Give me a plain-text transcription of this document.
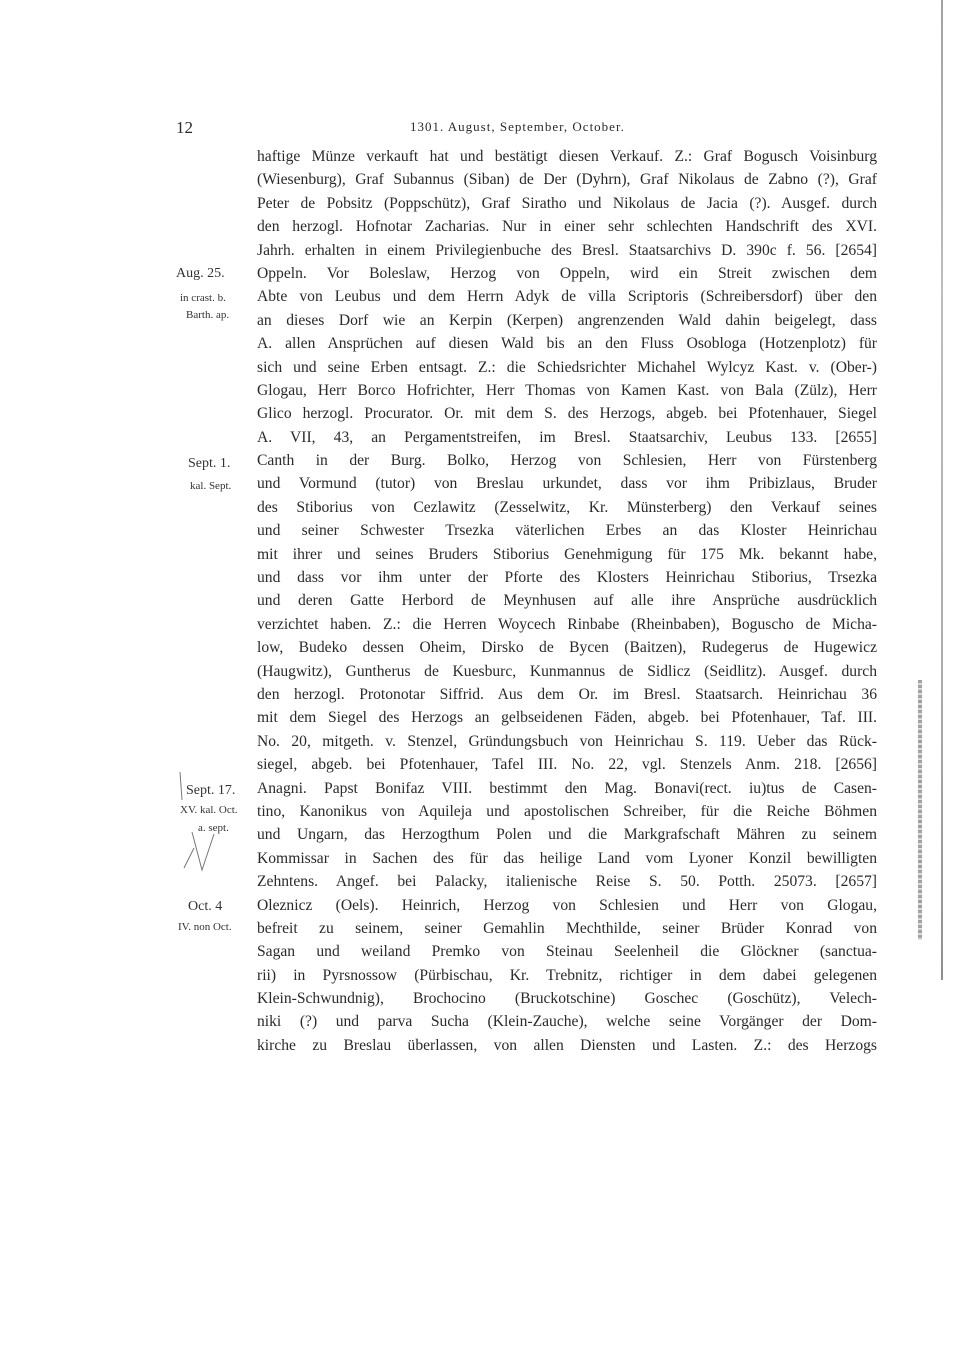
12	1301. August, September, October.
Aug. 25.
in crast. b.
Barth. ap.
Sept. 1.
kal. Sept.
Sept. 17.
XV. kal. Oct.
a. sept.
Oct. 4
IV. non Oct.
haftige Münze verkauft hat und bestätigt diesen Verkauf. Z.: Graf Bogusch Voisinburg
(Wiesenburg), Graf Subannus (Siban) de Der (Dyhrn), Graf Nikolaus de Zabno (?), Graf
Peter de Pobsitz (Poppschütz), Graf Siratho und Nikolaus de Jacia (?). Ausgef. durch
den herzogl. Hofnotar Zacharias. Nur in einer sehr schlechten Handschrift des XVI.
Jahrh. erhalten in einem Privilegienbuche des Bresl. Staatsarchivs D. 390c f. 56. [2654]
Oppeln. Vor Boleslaw, Herzog von Oppeln, wird ein Streit zwischen dem
Abte von Leubus und dem Herrn Adyk de villa Scriptoris (Schreibersdorf) über den
an dieses Dorf wie an Kerpin (Kerpen) angrenzenden Wald dahin beigelegt, dass
A. allen Ansprüchen auf diesen Wald bis an den Fluss Osobloga (Hotzenplotz) für
sich und seine Erben entsagt. Z.: die Schiedsrichter Michahel Wylcyz Kast. v. (Ober-)
Glogau, Herr Borco Hofrichter, Herr Thomas von Kamen Kast. von Bala (Zülz), Herr
Glico herzogl. Procurator. Or. mit dem S. des Herzogs, abgeb. bei Pfotenhauer, Siegel
A. VII, 43, an Pergamentstreifen, im Bresl. Staatsarchiv, Leubus 133. [2655]
Canth in der Burg. Bolko, Herzog von Schlesien, Herr von Fürstenberg
und Vormund (tutor) von Breslau urkundet, dass vor ihm Pribizlaus, Bruder
des Stiborius von Cezlawitz (Zesselwitz, Kr. Münsterberg) den Verkauf seines
und seiner Schwester Trsezka väterlichen Erbes an das Kloster Heinrichau
mit ihrer und seines Bruders Stiborius Genehmigung für 175 Mk. bekannt habe,
und dass vor ihm unter der Pforte des Klosters Heinrichau Stiborius, Trsezka
und deren Gatte Herbord de Meynhusen auf alle ihre Ansprüche ausdrücklich
verzichtet haben. Z.: die Herren Woycech Rinbabe (Rheinbaben), Boguscho de Micha-
low, Budeko dessen Oheim, Dirsko de Bycen (Baitzen), Rudegerus de Hugewicz
(Haugwitz), Guntherus de Kuesburc, Kunmannus de Sidlicz (Seidlitz). Ausgef. durch
den herzogl. Protonotar Siffrid. Aus dem Or. im Bresl. Staatsarch. Heinrichau 36
mit dem Siegel des Herzogs an gelbseidenen Fäden, abgeb. bei Pfotenhauer, Taf. III.
No. 20, mitgeth. v. Stenzel, Gründungsbuch von Heinrichau S. 119. Ueber das Rück-
siegel, abgeb. bei Pfotenhauer, Tafel III. No. 22, vgl. Stenzels Anm. 218. [2656]
Anagni. Papst Bonifaz VIII. bestimmt den Mag. Bonavi(rect. iu)tus de Casen-
tino, Kanonikus von Aquileja und apostolischen Schreiber, für die Reiche Böhmen
und Ungarn, das Herzogthum Polen und die Markgrafschaft Mähren zu seinem
Kommissar in Sachen des für das heilige Land vom Lyoner Konzil bewilligten
Zehntens. Angef. bei Palacky, italienische Reise S. 50. Potth. 25073. [2657]
Oleznicz (Oels). Heinrich, Herzog von Schlesien und Herr von Glogau,
befreit zu seinem, seiner Gemahlin Mechthilde, seiner Brüder Konrad von
Sagan und weiland Premko von Steinau Seelenheil die Glöckner (sanctua-
rii) in Pyrsnossow (Pürbischau, Kr. Trebnitz, richtiger in dem dabei gelegenen
Klein-Schwundnig), Brochocino (Bruckotschine) Goschec (Goschütz), Velech-
niki (?) und parva Sucha (Klein-Zauche), welche seine Vorgänger der Dom-
kirche zu Breslau überlassen, von allen Diensten und Lasten. Z.: des Herzogs
